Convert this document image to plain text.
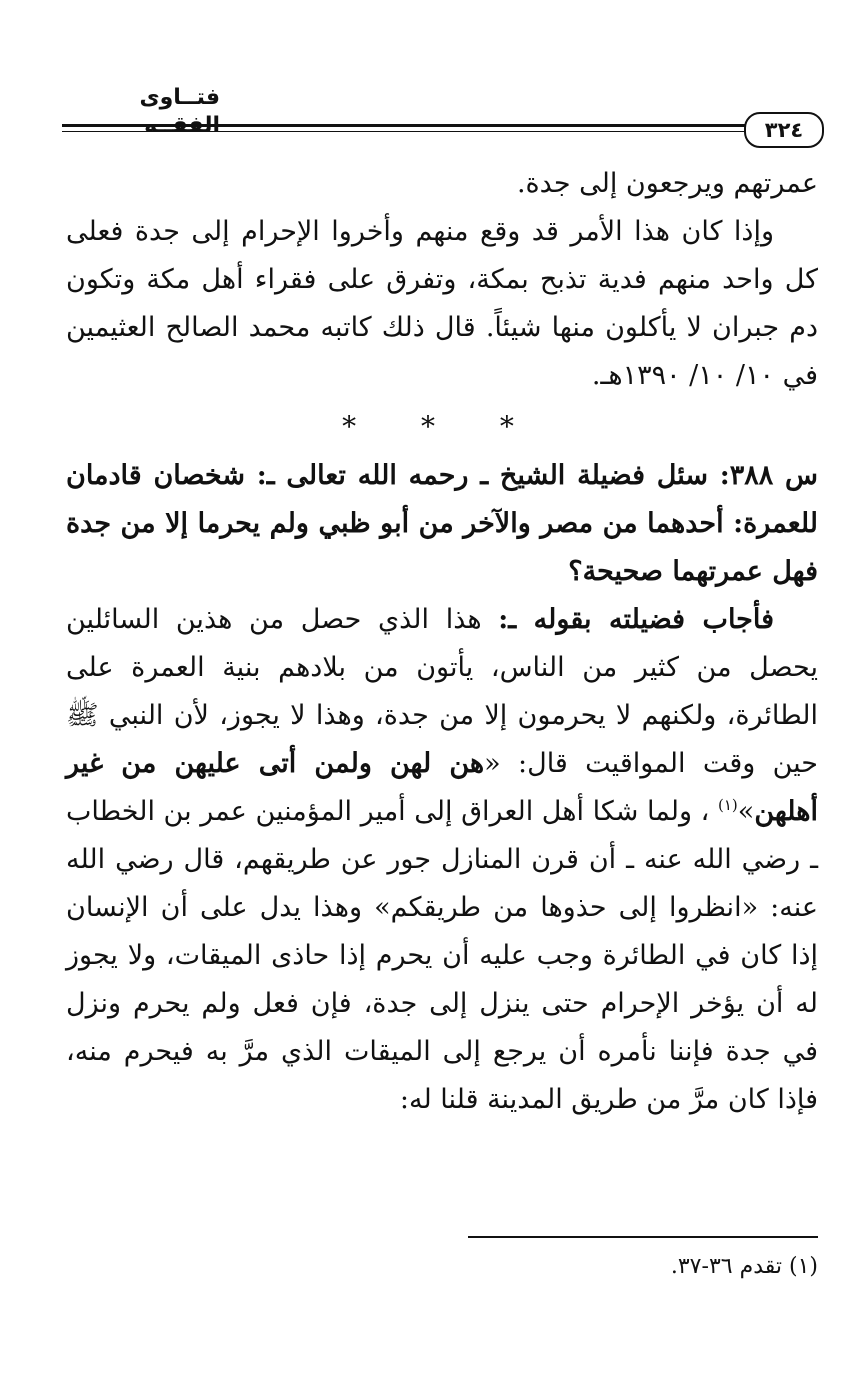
فتــاوى الفقــه	٣٢٤

عمرتهم ويرجعون إلى جدة.

وإذا كان هذا الأمر قد وقع منهم وأخروا الإحرام إلى جدة فعلى كل واحد منهم فدية تذبح بمكة، وتفرق على فقراء أهل مكة وتكون دم جبران لا يأكلون منها شيئاً. قال ذلك كاتبه محمد الصالح العثيمين في ١٠/ ١٠/ ١٣٩٠هـ.

* * *

س ٣٨٨: سئل فضيلة الشيخ ـ رحمه الله تعالى ـ: شخصان قادمان للعمرة: أحدهما من مصر والآخر من أبو ظبي ولم يحرما إلا من جدة فهل عمرتهما صحيحة؟

فأجاب فضيلته بقوله ـ: هذا الذي حصل من هذين السائلين يحصل من كثير من الناس، يأتون من بلادهم بنية العمرة على الطائرة، ولكنهم لا يحرمون إلا من جدة، وهذا لا يجوز، لأن النبي ﷺ حين وقت المواقيت قال: «هن لهن ولمن أتى عليهن من غير أهلهن»$^{(١)}$ ، ولما شكا أهل العراق إلى أمير المؤمنين عمر بن الخطاب ـ رضي الله عنه ـ أن قرن المنازل جور عن طريقهم، قال رضي الله عنه: «انظروا إلى حذوها من طريقكم» وهذا يدل على أن الإنسان إذا كان في الطائرة وجب عليه أن يحرم إذا حاذى الميقات، ولا يجوز له أن يؤخر الإحرام حتى ينزل إلى جدة، فإن فعل ولم يحرم ونزل في جدة فإننا نأمره أن يرجع إلى الميقات الذي مرَّ به فيحرم منه، فإذا كان مرَّ من طريق المدينة قلنا له:

(١) تقدم ٣٦-٣٧.
